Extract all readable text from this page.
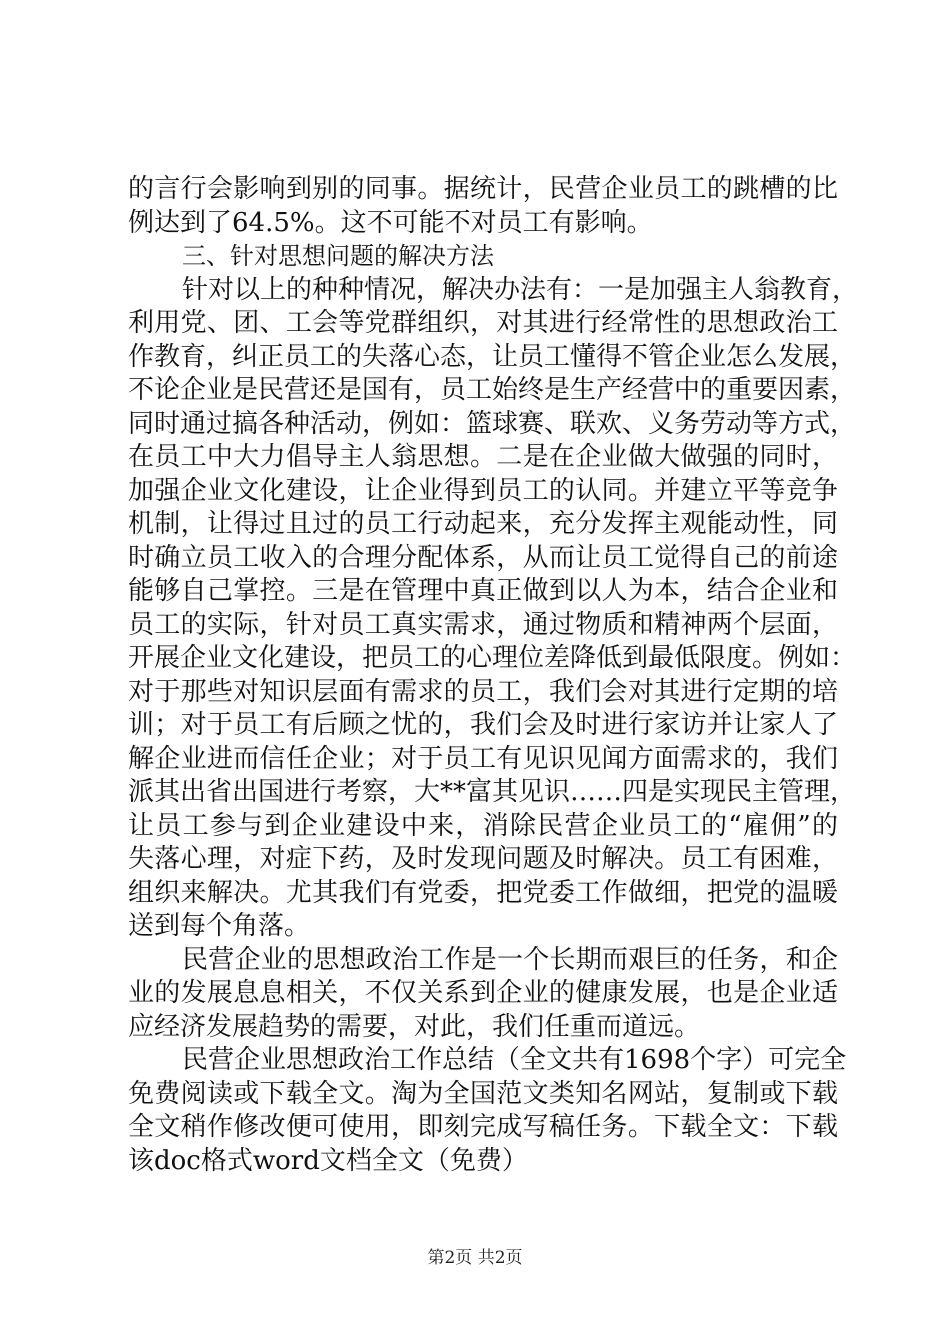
的言行会影响到别的同事。据统计，民营企业员工的跳槽的比
例达到了64.5%。这不可能不对员工有影响。
三、针对思想问题的解决方法
针对以上的种种情况，解决办法有：一是加强主人翁教育，
利用党、团、工会等党群组织，对其进行经常性的思想政治工
作教育，纠正员工的失落心态，让员工懂得不管企业怎么发展，
不论企业是民营还是国有，员工始终是生产经营中的重要因素，
同时通过搞各种活动，例如：篮球赛、联欢、义务劳动等方式，
在员工中大力倡导主人翁思想。二是在企业做大做强的同时，
加强企业文化建设，让企业得到员工的认同。并建立平等竞争
机制，让得过且过的员工行动起来，充分发挥主观能动性，同
时确立员工收入的合理分配体系，从而让员工觉得自己的前途
能够自己掌控。三是在管理中真正做到以人为本，结合企业和
员工的实际，针对员工真实需求，通过物质和精神两个层面，
开展企业文化建设，把员工的心理位差降低到最低限度。例如：
对于那些对知识层面有需求的员工，我们会对其进行定期的培
训；对于员工有后顾之忧的，我们会及时进行家访并让家人了
解企业进而信任企业；对于员工有见识见闻方面需求的，我们
派其出省出国进行考察，大**富其见识……四是实现民主管理，
让员工参与到企业建设中来，消除民营企业员工的“雇佣”的
失落心理，对症下药，及时发现问题及时解决。员工有困难，
组织来解决。尤其我们有党委，把党委工作做细，把党的温暖
送到每个角落。
民营企业的思想政治工作是一个长期而艰巨的任务，和企
业的发展息息相关，不仅关系到企业的健康发展，也是企业适
应经济发展趋势的需要，对此，我们任重而道远。
民营企业思想政治工作总结（全文共有1698个字）可完全
免费阅读或下载全文。淘为全国范文类知名网站，复制或下载
全文稍作修改便可使用，即刻完成写稿任务。下载全文：下载
该doc格式word文档全文（免费）
第2页 共2页
